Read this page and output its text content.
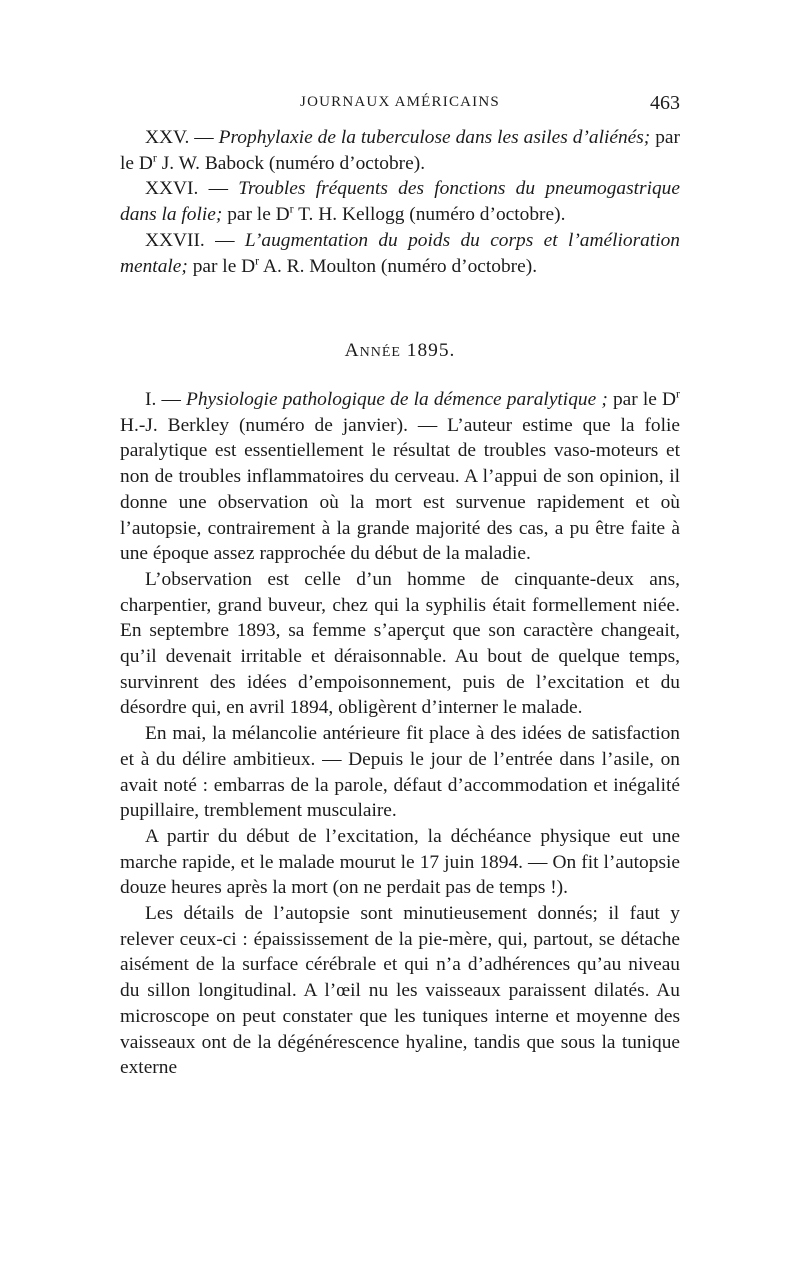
JOURNAUX AMÉRICAINS	463

XXV. — Prophylaxie de la tuberculose dans les asiles d’aliénés; par le $D^r$ J. W. Babock (numéro d’octobre).

XXVI. — Troubles fréquents des fonctions du pneumogastrique dans la folie; par le $D^r$ T. H. Kellogg (numéro d’octobre).

XXVII. — L’augmentation du poids du corps et l’amélioration mentale; par le $D^r$ A. R. Moulton (numéro d’octobre).

Année 1895.

I. — Physiologie pathologique de la démence paralytique ; par le $D^r$ H.-J. Berkley (numéro de janvier). — L’auteur estime que la folie paralytique est essentiellement le résultat de troubles vaso-moteurs et non de troubles inflammatoires du cerveau. A l’appui de son opinion, il donne une observation où la mort est survenue rapidement et où l’autopsie, contrairement à la grande majorité des cas, a pu être faite à une époque assez rapprochée du début de la maladie.

L’observation est celle d’un homme de cinquante-deux ans, charpentier, grand buveur, chez qui la syphilis était formellement niée. En septembre 1893, sa femme s’aperçut que son caractère changeait, qu’il devenait irritable et déraisonnable. Au bout de quelque temps, survinrent des idées d’empoisonnement, puis de l’excitation et du désordre qui, en avril 1894, obligèrent d’interner le malade.

En mai, la mélancolie antérieure fit place à des idées de satisfaction et à du délire ambitieux. — Depuis le jour de l’entrée dans l’asile, on avait noté : embarras de la parole, défaut d’accommodation et inégalité pupillaire, tremblement musculaire.

A partir du début de l’excitation, la déchéance physique eut une marche rapide, et le malade mourut le 17 juin 1894. — On fit l’autopsie douze heures après la mort (on ne perdait pas de temps !).

Les détails de l’autopsie sont minutieusement donnés; il faut y relever ceux-ci : épaississement de la pie-mère, qui, partout, se détache aisément de la surface cérébrale et qui n’a d’adhérences qu’au niveau du sillon longitudinal. A l’œil nu les vaisseaux paraissent dilatés. Au microscope on peut constater que les tuniques interne et moyenne des vaisseaux ont de la dégénérescence hyaline, tandis que sous la tunique externe
